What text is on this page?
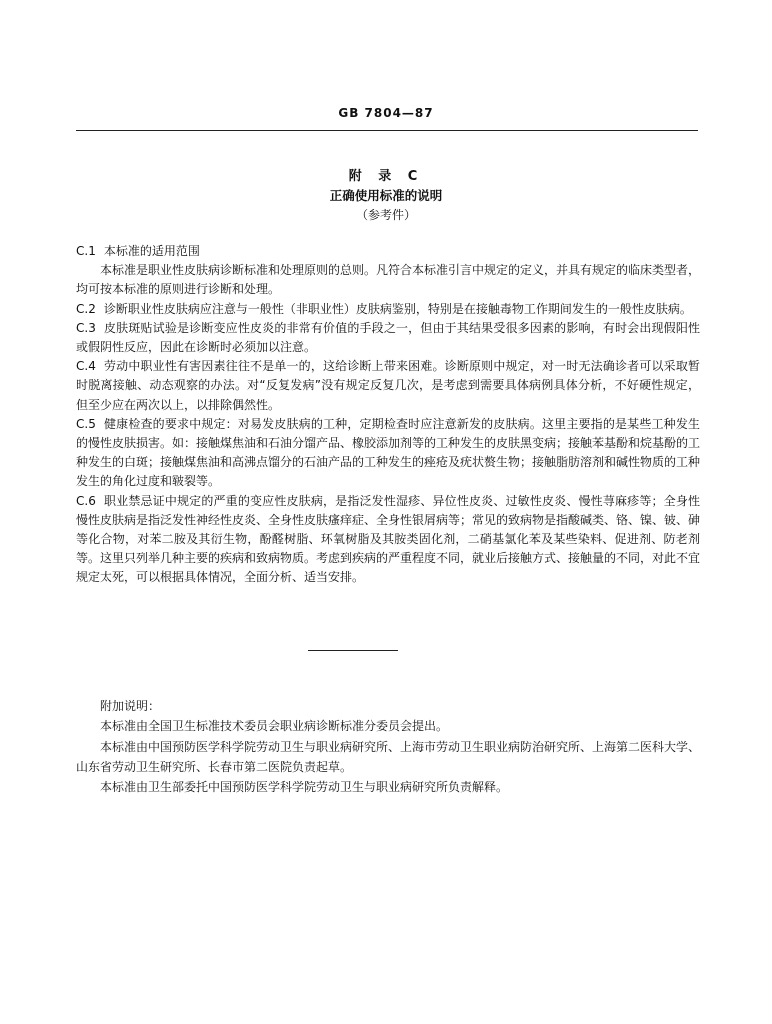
GB 7804—87
附 录 C
正确使用标准的说明
（参考件）
C.1 本标准的适用范围
本标准是职业性皮肤病诊断标准和处理原则的总则。凡符合本标准引言中规定的定义，并具有规定的临床类型者，均可按本标准的原则进行诊断和处理。
C.2 诊断职业性皮肤病应注意与一般性（非职业性）皮肤病鉴别，特别是在接触毒物工作期间发生的一般性皮肤病。
C.3 皮肤斑贴试验是诊断变应性皮炎的非常有价值的手段之一，但由于其结果受很多因素的影响，有时会出现假阳性或假阴性反应，因此在诊断时必须加以注意。
C.4 劳动中职业性有害因素往往不是单一的，这给诊断上带来困难。诊断原则中规定，对一时无法确诊者可以采取暂时脱离接触、动态观察的办法。对“反复发病”没有规定反复几次，是考虑到需要具体病例具体分析，不好硬性规定，但至少应在两次以上，以排除偶然性。
C.5 健康检查的要求中规定：对易发皮肤病的工种，定期检查时应注意新发的皮肤病。这里主要指的是某些工种发生的慢性皮肤损害。如：接触煤焦油和石油分馏产品、橡胶添加剂等的工种发生的皮肤黑变病；接触苯基酚和烷基酚的工种发生的白斑；接触煤焦油和高沸点馏分的石油产品的工种发生的痤疮及疣状赘生物；接触脂肪溶剂和碱性物质的工种发生的角化过度和皲裂等。
C.6 职业禁忌证中规定的严重的变应性皮肤病，是指泛发性湿疹、异位性皮炎、过敏性皮炎、慢性荨麻疹等；全身性慢性皮肤病是指泛发性神经性皮炎、全身性皮肤瘙痒症、全身性银屑病等；常见的致病物是指酸碱类、铬、镍、铍、砷等化合物，对苯二胺及其衍生物，酚醛树脂、环氧树脂及其胺类固化剂，二硝基氯化苯及某些染料、促进剂、防老剂等。这里只列举几种主要的疾病和致病物质。考虑到疾病的严重程度不同，就业后接触方式、接触量的不同，对此不宜规定太死，可以根据具体情况，全面分析、适当安排。
附加说明：
本标准由全国卫生标准技术委员会职业病诊断标准分委员会提出。
本标准由中国预防医学科学院劳动卫生与职业病研究所、上海市劳动卫生职业病防治研究所、上海第二医科大学、山东省劳动卫生研究所、长春市第二医院负责起草。
本标准由卫生部委托中国预防医学科学院劳动卫生与职业病研究所负责解释。
